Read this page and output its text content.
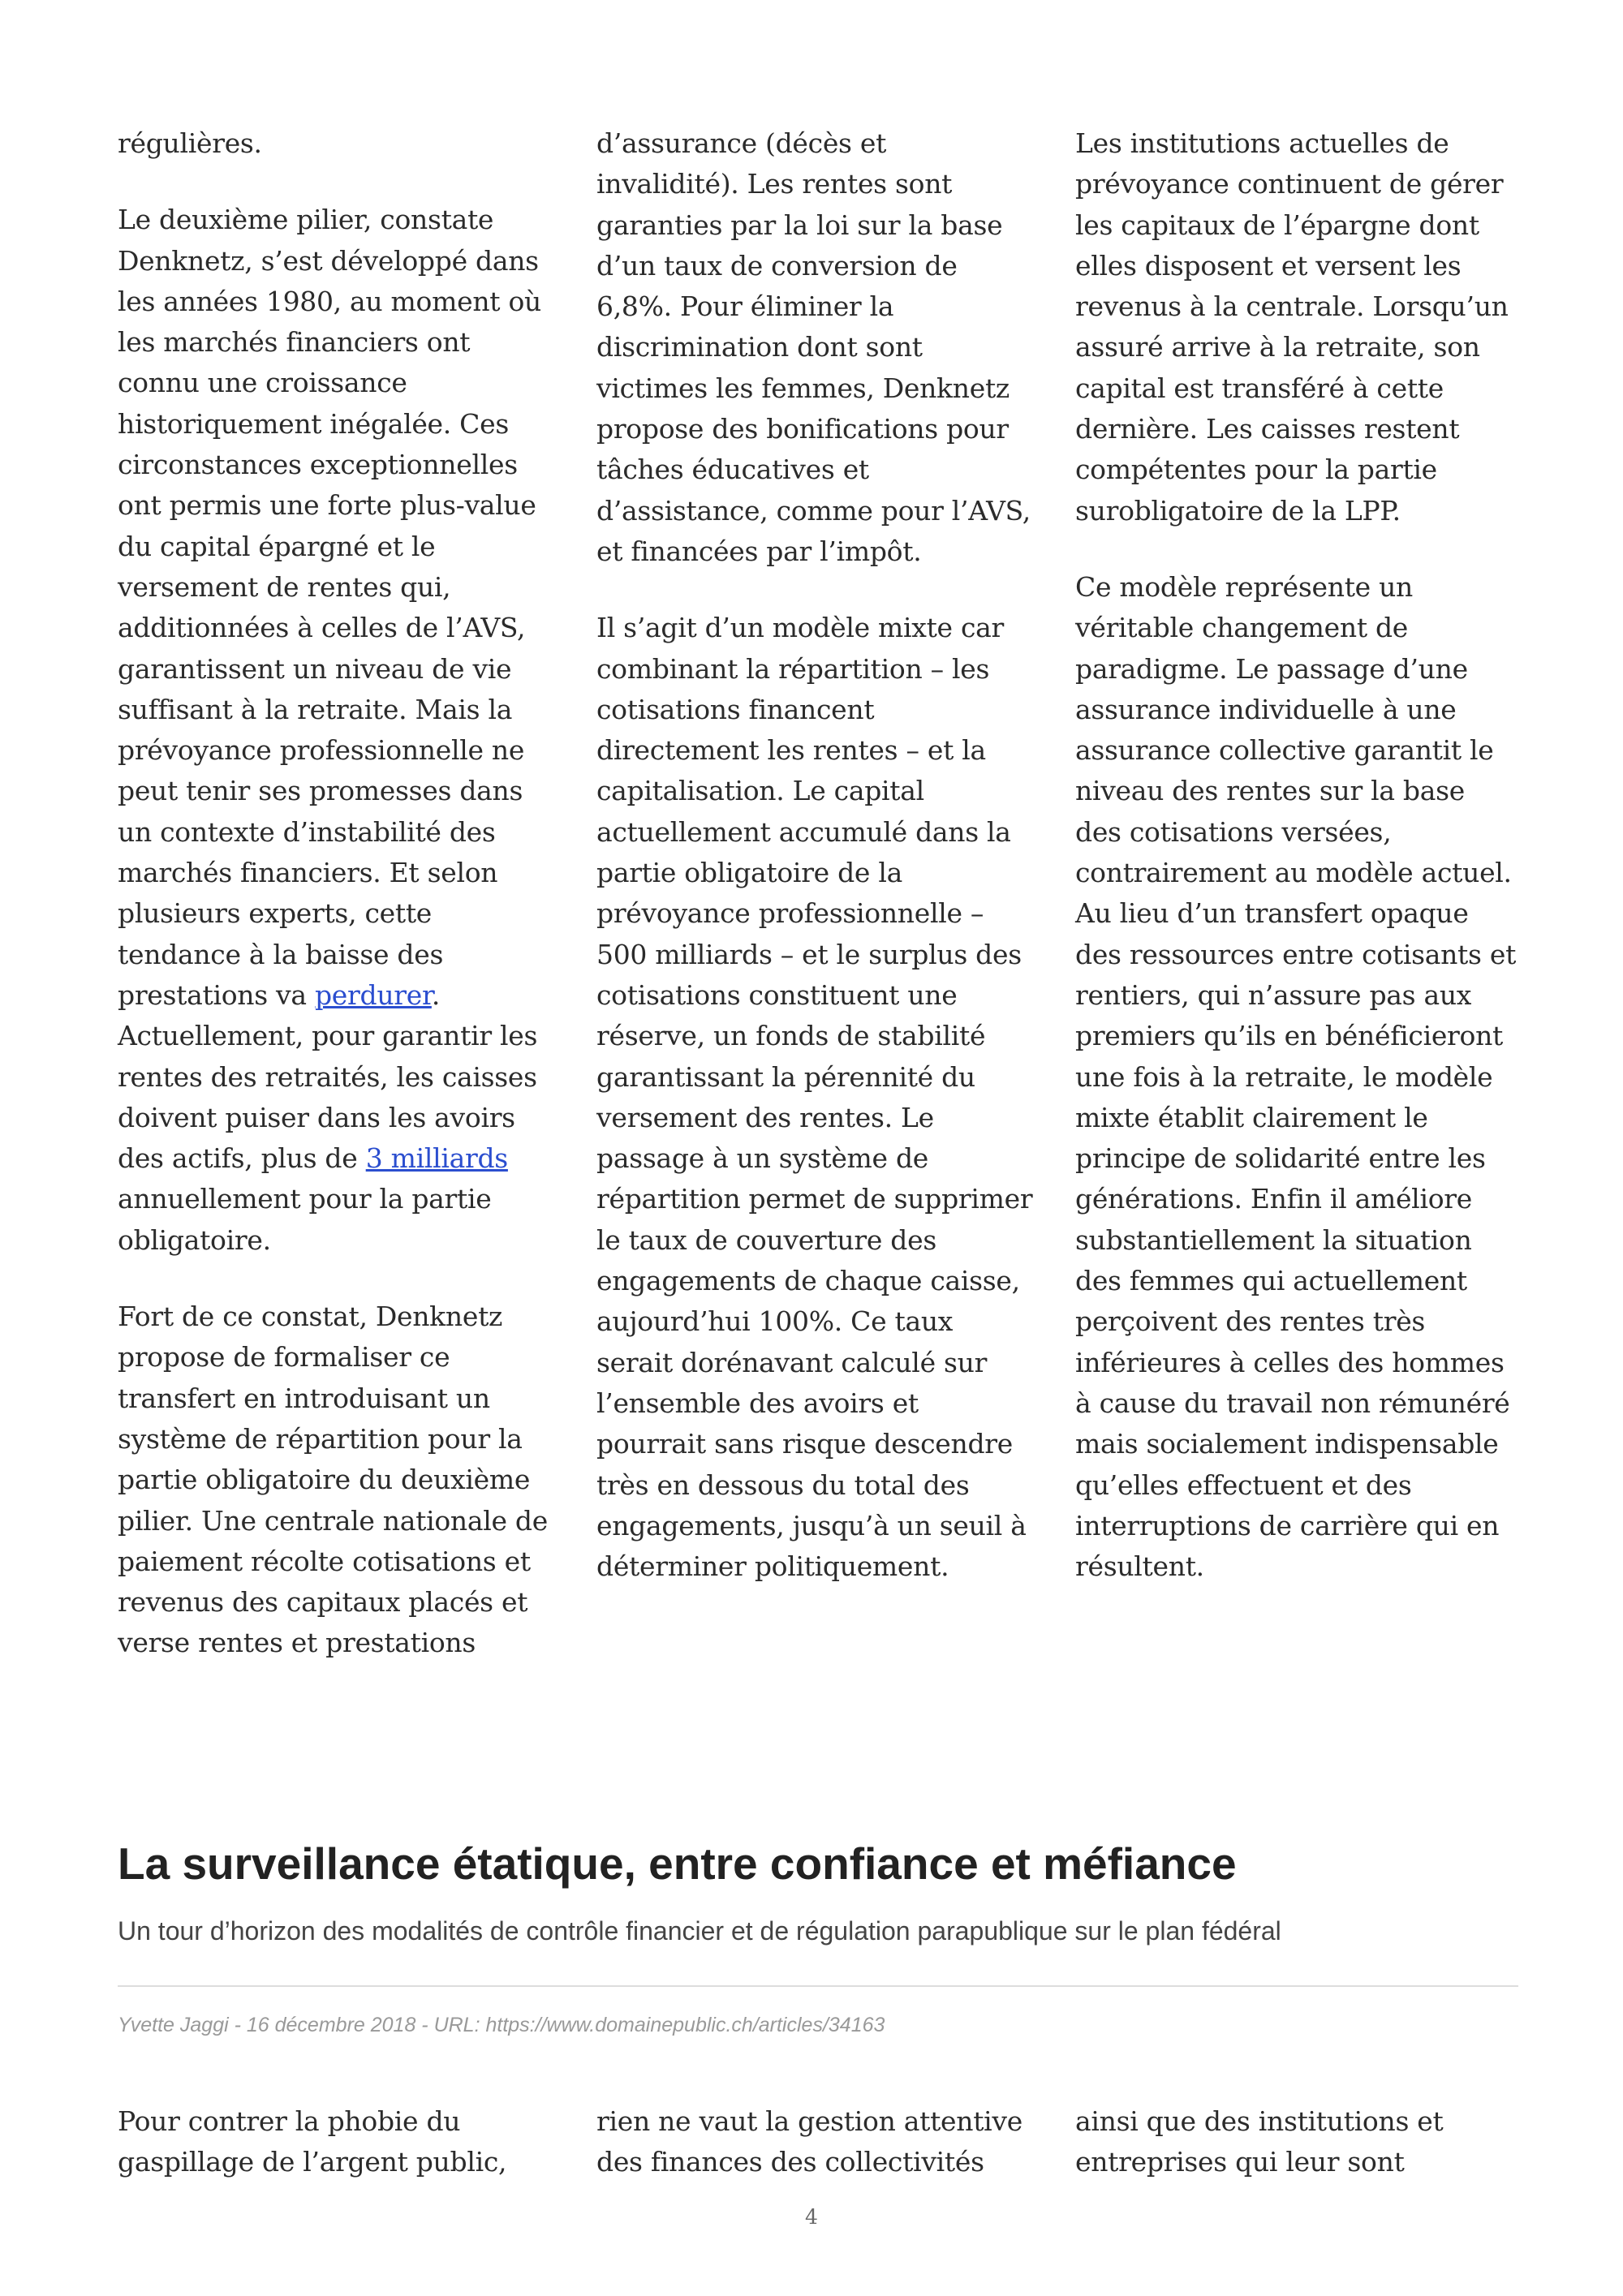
régulières.

Le deuxième pilier, constate Denknetz, s’est développé dans les années 1980, au moment où les marchés financiers ont connu une croissance historiquement inégalée. Ces circonstances exceptionnelles ont permis une forte plus-value du capital épargné et le versement de rentes qui, additionnées à celles de l’AVS, garantissent un niveau de vie suffisant à la retraite. Mais la prévoyance professionnelle ne peut tenir ses promesses dans un contexte d’instabilité des marchés financiers. Et selon plusieurs experts, cette tendance à la baisse des prestations va perdurer. Actuellement, pour garantir les rentes des retraités, les caisses doivent puiser dans les avoirs des actifs, plus de 3 milliards annuellement pour la partie obligatoire.

Fort de ce constat, Denknetz propose de formaliser ce transfert en introduisant un système de répartition pour la partie obligatoire du deuxième pilier. Une centrale nationale de paiement récolte cotisations et revenus des capitaux placés et verse rentes et prestations

d’assurance (décès et invalidité). Les rentes sont garanties par la loi sur la base d’un taux de conversion de 6,8%. Pour éliminer la discrimination dont sont victimes les femmes, Denknetz propose des bonifications pour tâches éducatives et d’assistance, comme pour l’AVS, et financées par l’impôt.

Il s’agit d’un modèle mixte car combinant la répartition – les cotisations financent directement les rentes – et la capitalisation. Le capital actuellement accumulé dans la partie obligatoire de la prévoyance professionnelle – 500 milliards – et le surplus des cotisations constituent une réserve, un fonds de stabilité garantissant la pérennité du versement des rentes. Le passage à un système de répartition permet de supprimer le taux de couverture des engagements de chaque caisse, aujourd’hui 100%. Ce taux serait dorénavant calculé sur l’ensemble des avoirs et pourrait sans risque descendre très en dessous du total des engagements, jusqu’à un seuil à déterminer politiquement.

Les institutions actuelles de prévoyance continuent de gérer les capitaux de l’épargne dont elles disposent et versent les revenus à la centrale. Lorsqu’un assuré arrive à la retraite, son capital est transféré à cette dernière. Les caisses restent compétentes pour la partie surobligatoire de la LPP.

Ce modèle représente un véritable changement de paradigme. Le passage d’une assurance individuelle à une assurance collective garantit le niveau des rentes sur la base des cotisations versées, contrairement au modèle actuel. Au lieu d’un transfert opaque des ressources entre cotisants et rentiers, qui n’assure pas aux premiers qu’ils en bénéficieront une fois à la retraite, le modèle mixte établit clairement le principe de solidarité entre les générations. Enfin il améliore substantiellement la situation des femmes qui actuellement perçoivent des rentes très inférieures à celles des hommes à cause du travail non rémunéré mais socialement indispensable qu’elles effectuent et des interruptions de carrière qui en résultent.

La surveillance étatique, entre confiance et méfiance
Un tour d’horizon des modalités de contrôle financier et de régulation parapublique sur le plan fédéral
Yvette Jaggi - 16 décembre 2018 - URL: https://www.domainepublic.ch/articles/34163

Pour contrer la phobie du gaspillage de l’argent public,

rien ne vaut la gestion attentive des finances des collectivités

ainsi que des institutions et entreprises qui leur sont

4
